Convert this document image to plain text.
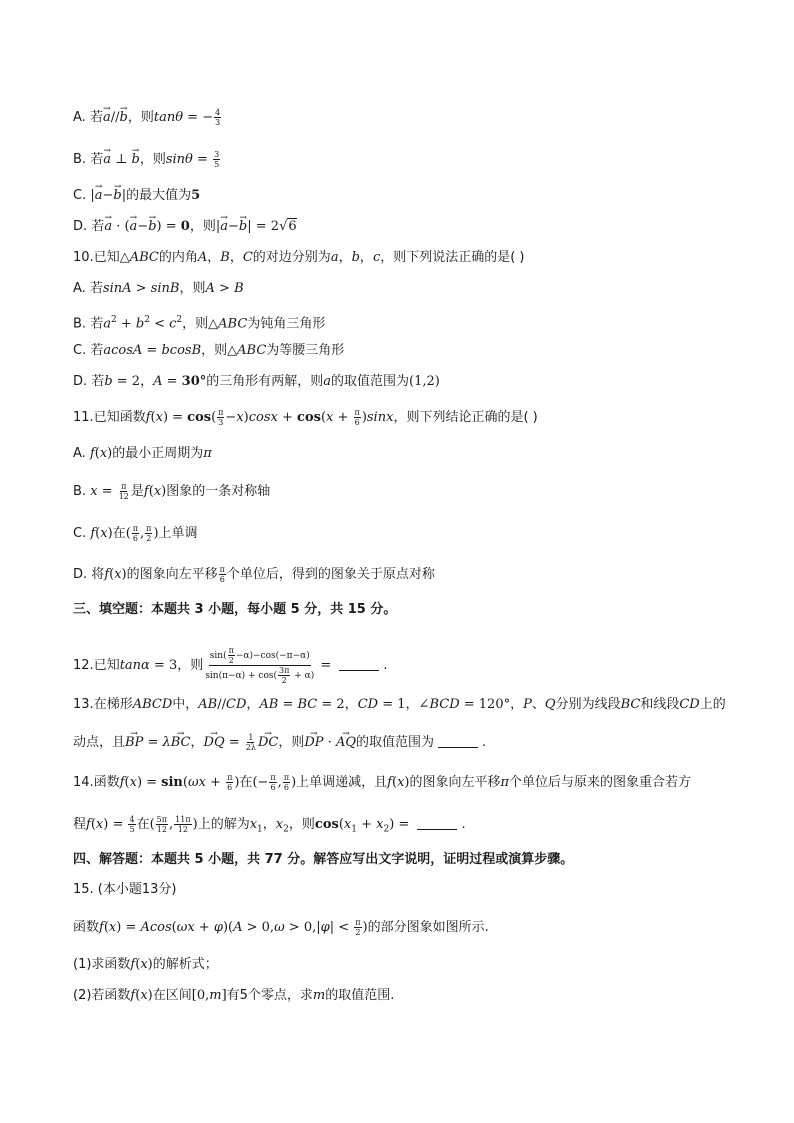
A. 若→ a//→ b，则tanθ = − $\frac{4}{3}$
B. 若→ a ⊥ → b，则$\sin\theta = \frac{3}{5}$
C. |→ a−→ b|的最大值为5
D. 若→ a · (→ a−→ b) = 0，则|→ a−→ b| = 2√6
10.已知△ABC的内角A，B，C的对边分别为a，b，c，则下列说法正确的是( )
A. 若sinA > sinB，则A > B
B. 若$a^2 + b^2 < c^2$，则△ABC为钝角三角形
C. 若acosA = bcosB，则△ABC为等腰三角形
D. 若b = 2，A = 30°的三角形有两解，则a的取值范围为(1,2)
11.已知函数$f(x) = \cos( \frac{\pi}{3} -x)\cos x + \cos(x + \frac{\pi}{6} )\sin x$，则下列结论正确的是( )
A. f(x)的最小正周期为π
B. $x = \frac{\pi}{12}$ 是f(x)图象的一条对称轴
C. f(x)在( $\frac{\pi}{6}$ , $\frac{\pi}{2}$ )上单调
D. 将f(x)的图象向左平移 $\frac{\pi}{6}$ 个单位后，得到的图象关于原点对称
三、填空题：本题共 3 小题，每小题 5 分，共 15 分。
12.已知tanα = 3，则 $\frac{\sin( \frac{\pi}{2} -\alpha)-\cos(-\pi-\alpha)}{\sin(\pi-\alpha) + \cos( \frac{3\pi}{2} + \alpha)}$ =	.
13.在梯形ABCD中，AB//CD，AB = BC = 2，CD = 1，∠BCD = 120°，P、Q分别为线段BC和线段CD上的
动点，且→ BP = λ→ BC，→ DQ = $\frac{1}{2\lambda}$
→ DC，则→ DP · → AQ的取值范围为	.
14.函数$f(x) = \sin(\omega x + \frac{\pi}{6}$ )在(− $\frac{\pi}{6}$ , $\frac{\pi}{6}$ )上单调递减，且f(x)的图象向左平移π个单位后与原来的图象重合若方
程$f(x) = \frac{4}{5}$ 在( $\frac{5\pi}{12}$ , $\frac{11\pi}{12}$ )上的解为$x_1$，$x_2$，则$\cos(x_1 + x_2)$ =	.
四、解答题：本题共 5 小题，共 77 分。解答应写出文字说明，证明过程或演算步骤。
15. (本小题13分)
函数$f(x) = Acos(\omega x + \varphi)(A > 0,\omega > 0,|\varphi| < \frac{\pi}{2}$ )的部分图象如图所示.
(1)求函数f(x)的解析式；
(2)若函数f(x)在区间[0,m]有5个零点，求m的取值范围.
